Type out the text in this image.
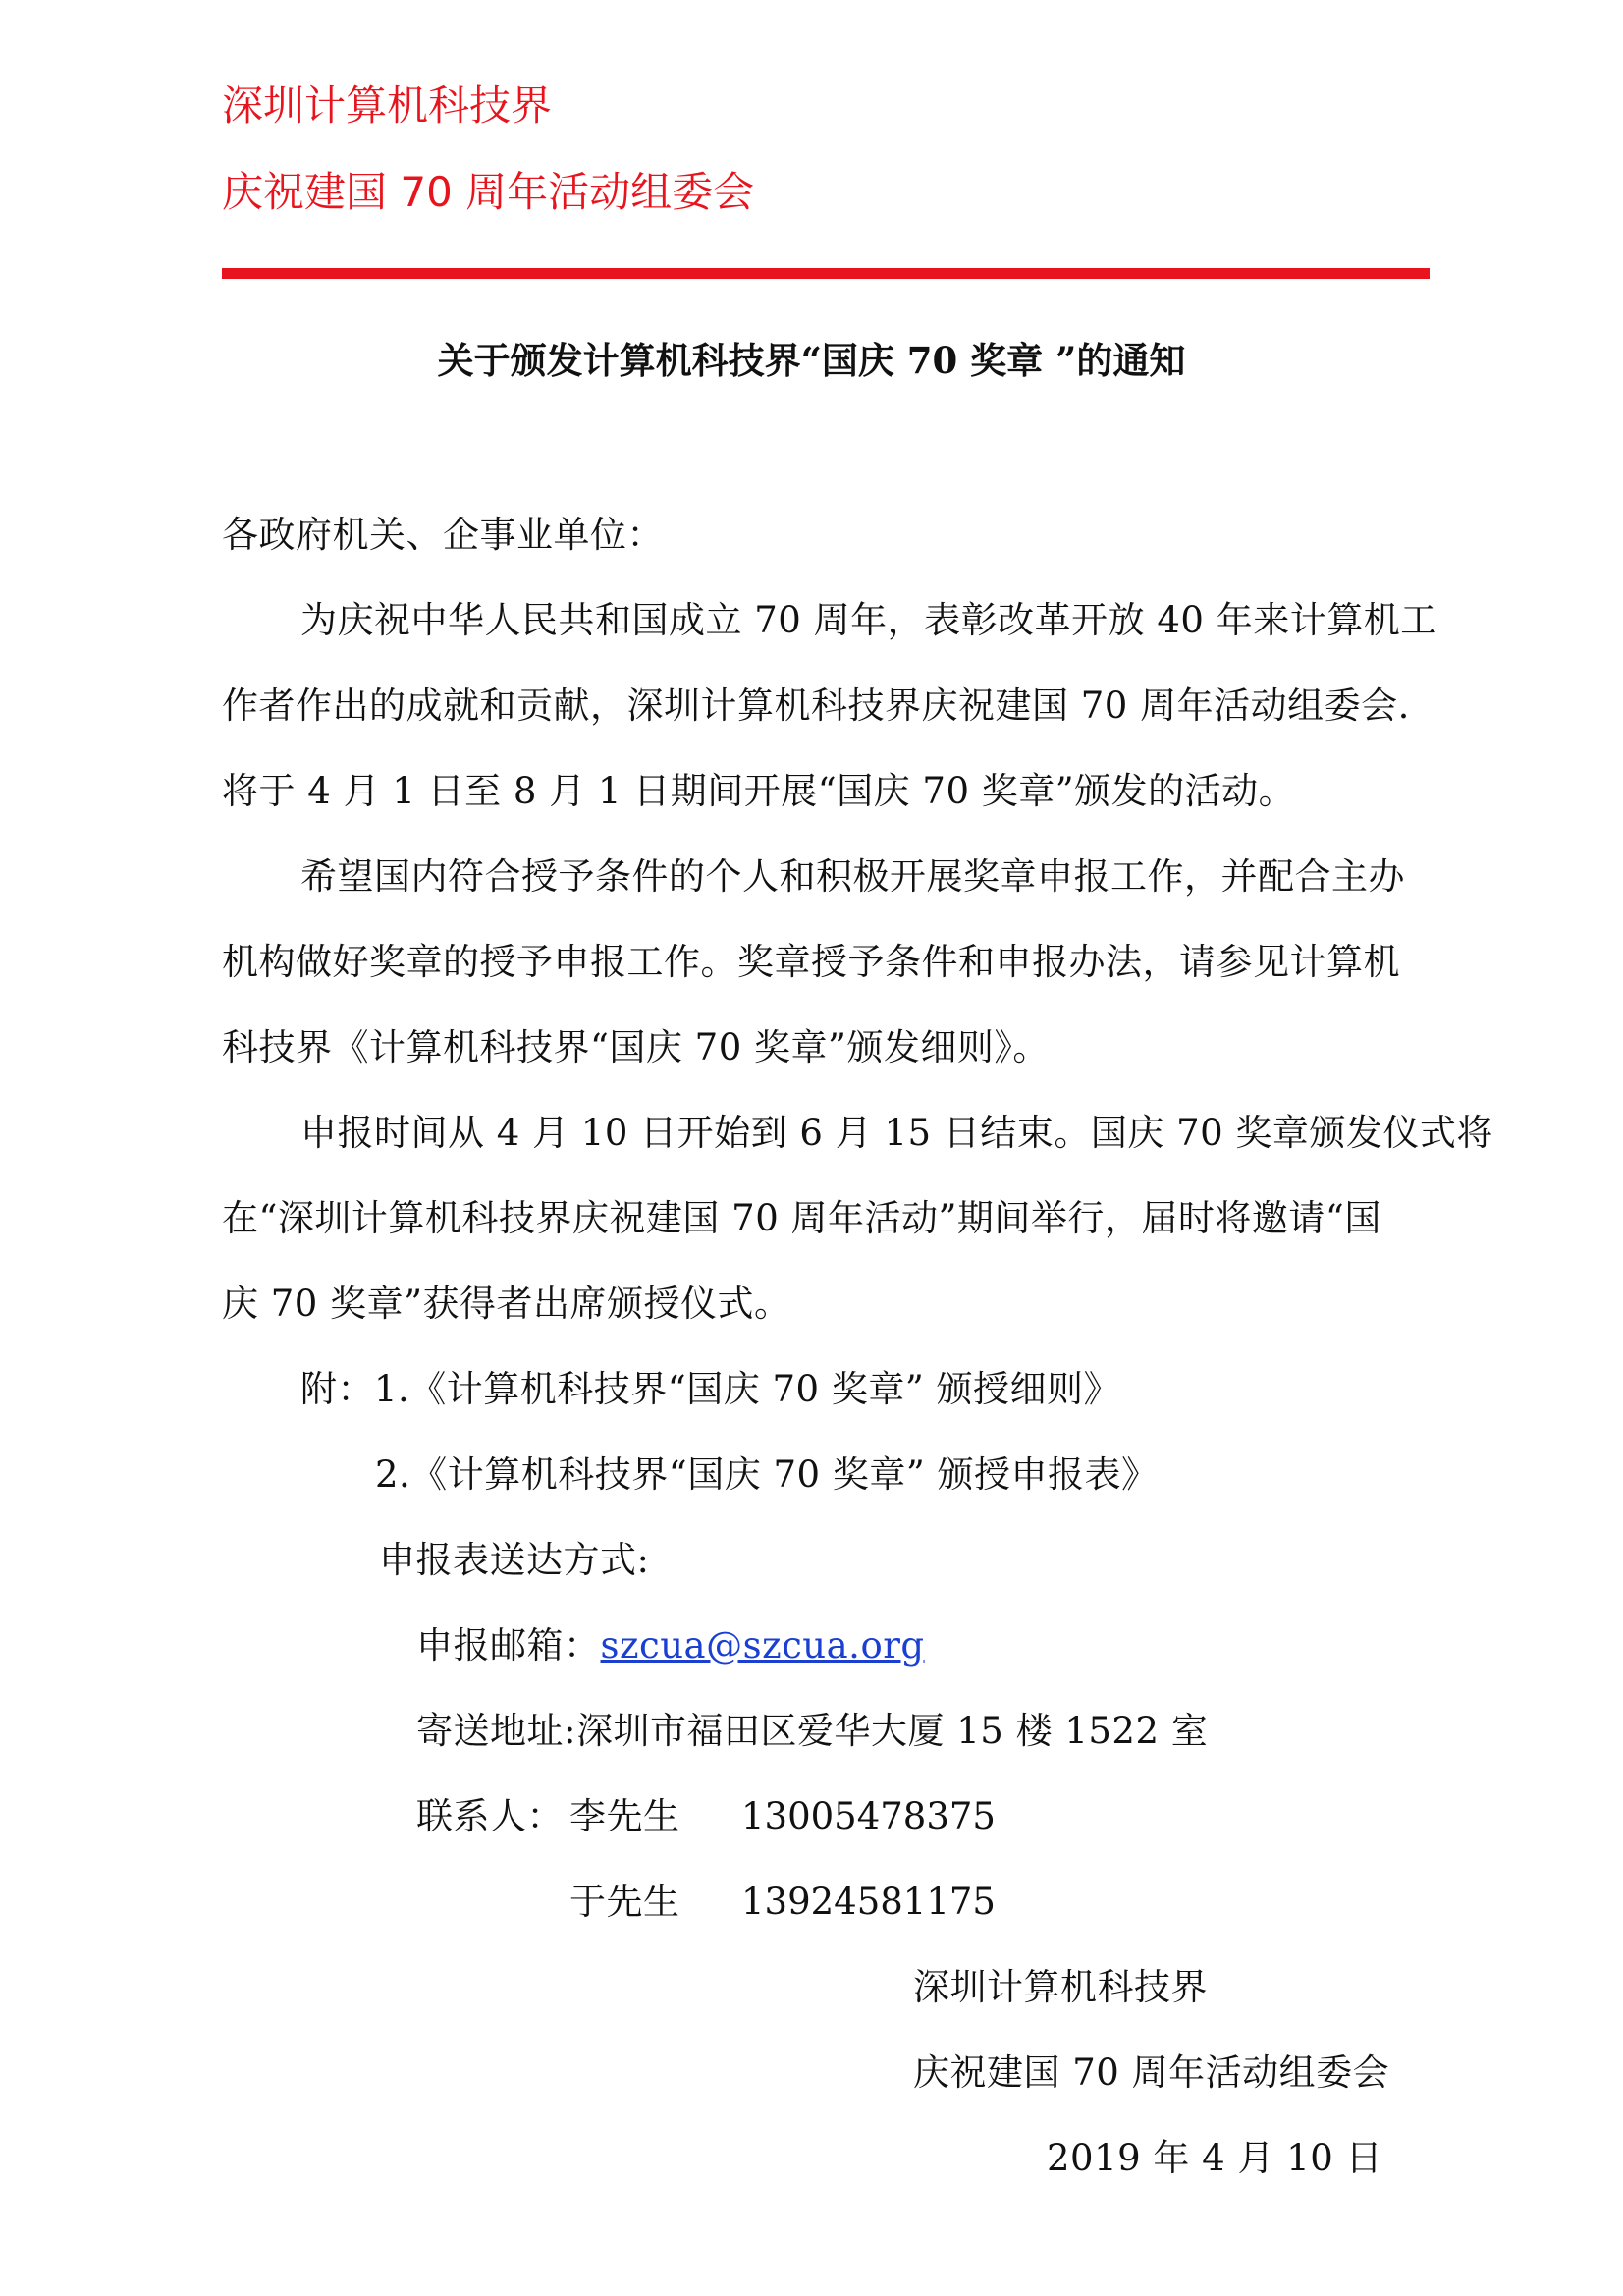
深圳计算机科技界
庆祝建国 70 周年活动组委会
关于颁发计算机科技界“国庆 70 奖章 ”的通知
各政府机关、企事业单位：
为庆祝中华人民共和国成立 70 周年，表彰改革开放 40 年来计算机工
作者作出的成就和贡献，深圳计算机科技界庆祝建国 70 周年活动组委会.
将于 4 月 1 日至 8 月 1 日期间开展“国庆 70 奖章”颁发的活动。
希望国内符合授予条件的个人和积极开展奖章申报工作，并配合主办
机构做好奖章的授予申报工作。奖章授予条件和申报办法，请参见计算机
科技界《计算机科技界“国庆 70 奖章”颁发细则》。
申报时间从 4 月 10 日开始到 6 月 15 日结束。国庆 70 奖章颁发仪式将
在“深圳计算机科技界庆祝建国 70 周年活动”期间举行，届时将邀请“国
庆 70 奖章”获得者出席颁授仪式。
附：1.《计算机科技界“国庆 70 奖章” 颁授细则》
2.《计算机科技界“国庆 70 奖章” 颁授申报表》
申报表送达方式:
申报邮箱：szcua@szcua.org
寄送地址:深圳市福田区爱华大厦 15 楼 1522 室
联系人： 李先生 13005478375
于先生 13924581175
深圳计算机科技界
庆祝建国 70 周年活动组委会
2019 年 4 月 10 日
